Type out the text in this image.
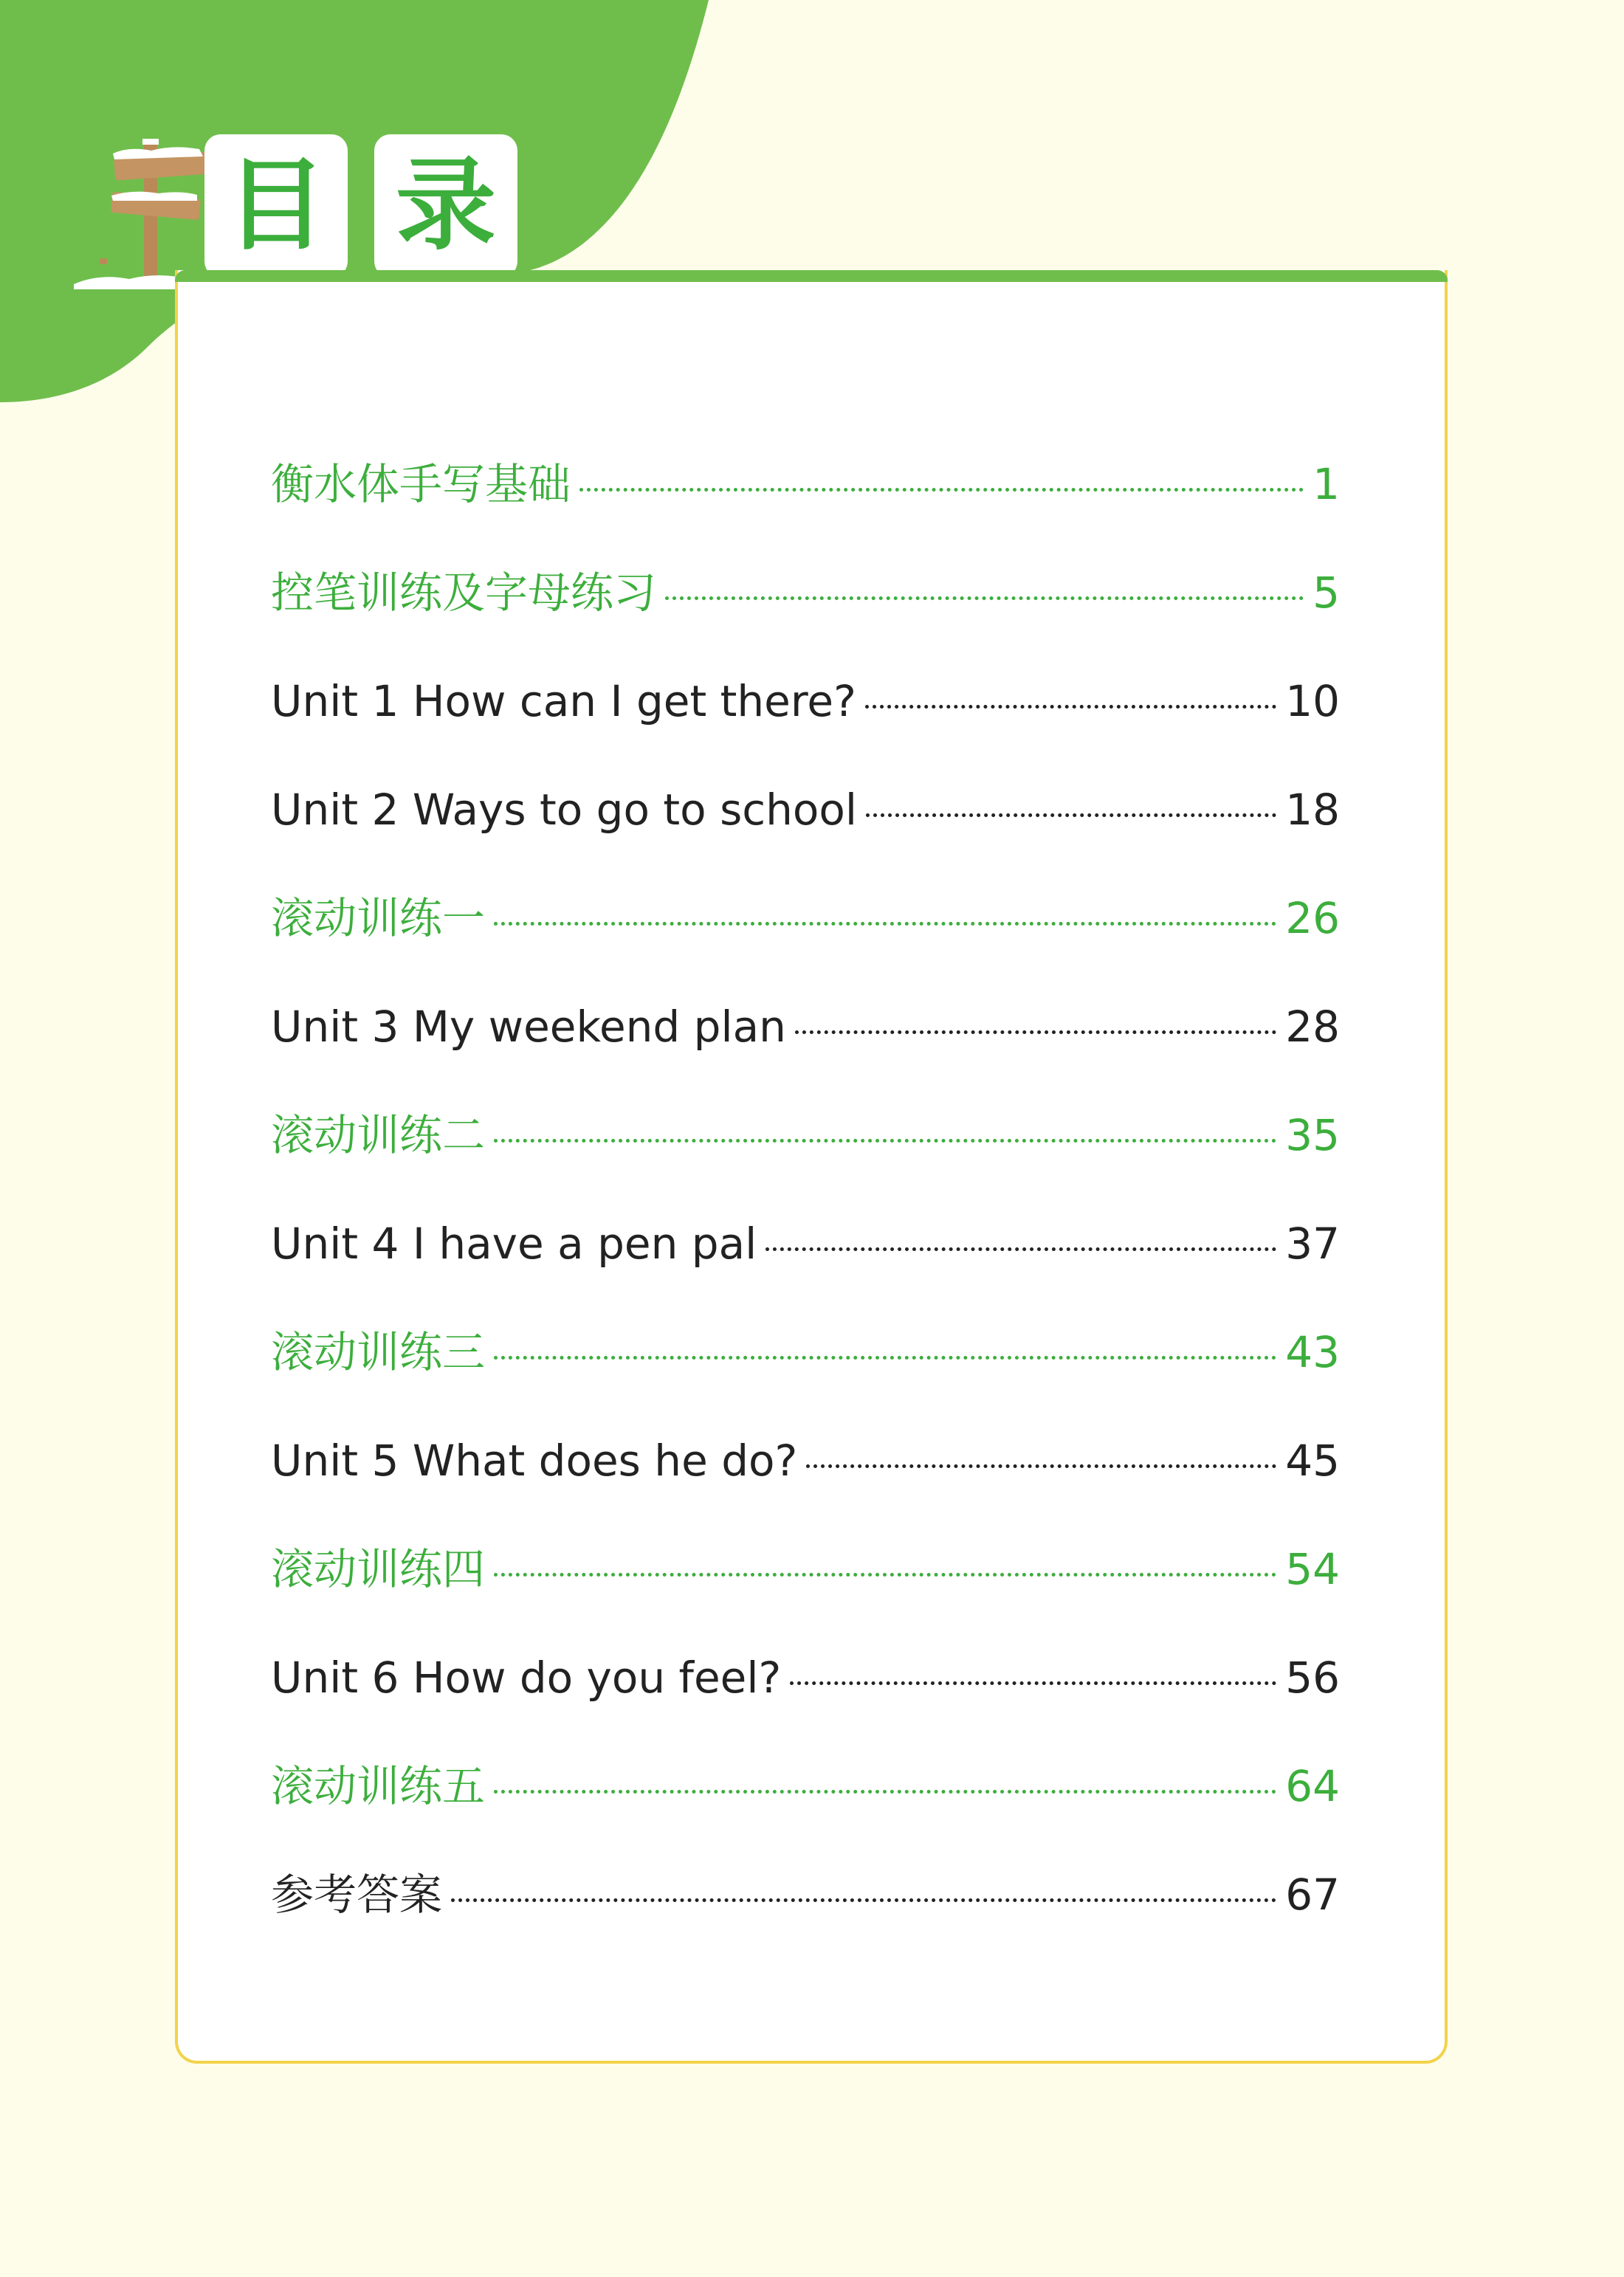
目 录
衡水体手写基础	1
控笔训练及字母练习	5
Unit 1 How can I get there?	10
Unit 2 Ways to go to school	18
滚动训练一	26
Unit 3 My weekend plan	28
滚动训练二	35
Unit 4 I have a pen pal	37
滚动训练三	43
Unit 5 What does he do?	45
滚动训练四	54
Unit 6 How do you feel?	56
滚动训练五	64
参考答案	67
